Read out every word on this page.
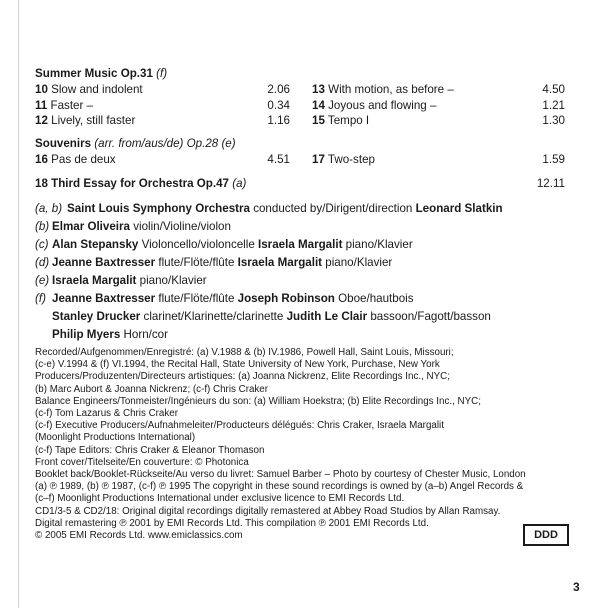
Summer Music Op.31 (f)
10 Slow and indolent	2.06 13 With motion, as before –	4.50
11 Faster –	0.34 14 Joyous and flowing –	1.21
12 Lively, still faster	1.16 15 Tempo I	1.30
Souvenirs (arr. from/aus/de) Op.28 (e)
16 Pas de deux	4.51 17 Two-step	1.59
18 Third Essay for Orchestra Op.47 (a)	12.11
(a, b) Saint Louis Symphony Orchestra conducted by/Dirigent/direction Leonard Slatkin
(b) Elmar Oliveira violin/Violine/violon
(c) Alan Stepansky Violoncello/violoncelle Israela Margalit piano/Klavier
(d) Jeanne Baxtresser flute/Flöte/flûte Israela Margalit piano/Klavier
(e) Israela Margalit piano/Klavier
(f) Jeanne Baxtresser flute/Flöte/flûte Joseph Robinson Oboe/hautbois
Stanley Drucker clarinet/Klarinette/clarinette Judith Le Clair bassoon/Fagott/basson
Philip Myers Horn/cor
Recorded/Aufgenommen/Enregistré: (a) V.1988 & (b) IV.1986, Powell Hall, Saint Louis, Missouri;
(c-e) V.1994 & (f) VI.1994, the Recital Hall, State University of New York, Purchase, New York
Producers/Produzenten/Directeurs artistiques: (a) Joanna Nickrenz, Elite Recordings Inc., NYC;
(b) Marc Aubort & Joanna Nickrenz; (c-f) Chris Craker
Balance Engineers/Tonmeister/Ingénieurs du son: (a) William Hoekstra; (b) Elite Recordings Inc., NYC;
(c-f) Tom Lazarus & Chris Craker
(c-f) Executive Producers/Aufnahmeleiter/Producteurs délégués: Chris Craker, Israela Margalit
(Moonlight Productions International)
(c-f) Tape Editors: Chris Craker & Eleanor Thomason
Front cover/Titelseite/En couverture: © Photonica
Booklet back/Booklet-Rückseite/Au verso du livret: Samuel Barber – Photo by courtesy of Chester Music, London
(a) ℗ 1989, (b) ℗ 1987, (c-f) ℗ 1995 The copyright in these sound recordings is owned by (a–b) Angel Records &
(c–f) Moonlight Productions International under exclusive licence to EMI Records Ltd.
CD1/3-5 & CD2/18: Original digital recordings digitally remastered at Abbey Road Studios by Allan Ramsay.
Digital remastering ℗ 2001 by EMI Records Ltd. This compilation ℗ 2001 EMI Records Ltd.
© 2005 EMI Records Ltd. www.emiclassics.com	DDD
3
